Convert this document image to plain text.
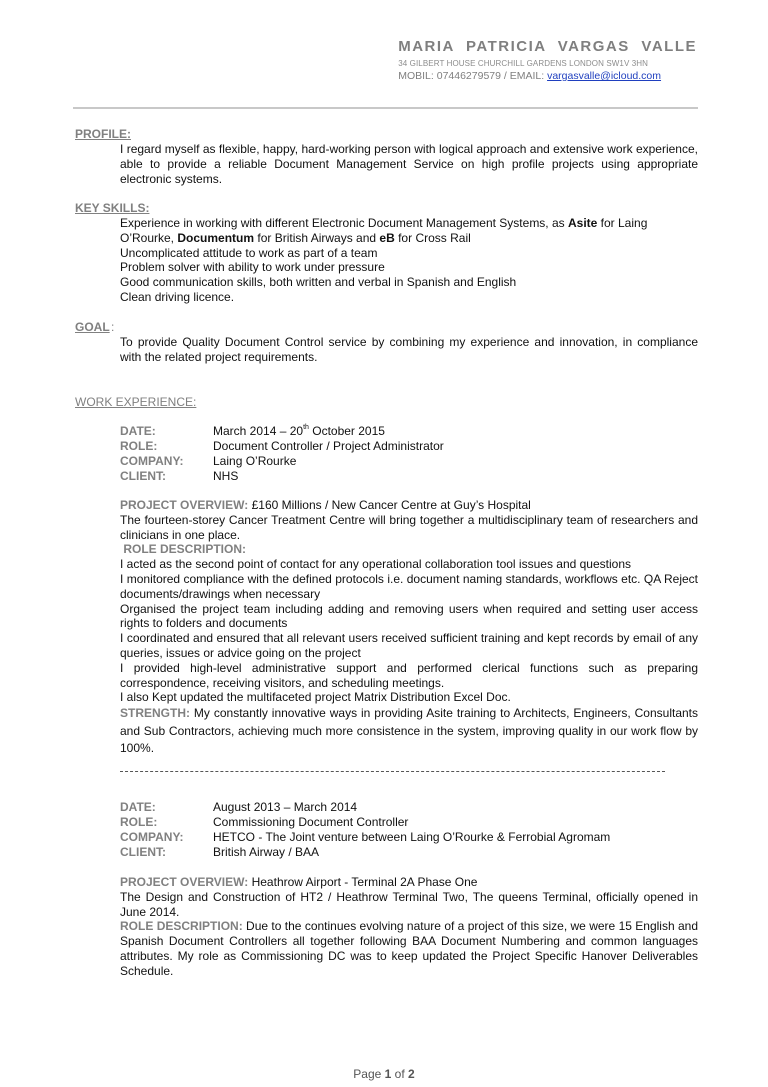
MARIA PATRICIA VARGAS VALLE
34 GILBERT HOUSE CHURCHILL GARDENS LONDON SW1V 3HN
MOBIL: 07446279579 / EMAIL: vargasvalle@icloud.com
PROFILE:
I regard myself as flexible, happy, hard-working person with logical approach and extensive work experience, able to provide a reliable Document Management Service on high profile projects using appropriate electronic systems.
KEY SKILLS:
Experience in working with different Electronic Document Management Systems, as Asite for Laing O’Rourke, Documentum for British Airways and eB for Cross Rail
Uncomplicated attitude to work as part of a team
Problem solver with ability to work under pressure
Good communication skills, both written and verbal in Spanish and English
Clean driving licence.
GOAL :
To provide Quality Document Control service by combining my experience and innovation, in compliance with the related project requirements.
WORK EXPERIENCE:
DATE:	March 2014 – 20th October 2015
ROLE:	Document Controller / Project Administrator
COMPANY:	Laing O’Rourke
CLIENT:	NHS
PROJECT OVERVIEW: £160 Millions / New Cancer Centre at Guy’s Hospital
The fourteen-storey Cancer Treatment Centre will bring together a multidisciplinary team of researchers and clinicians in one place.
ROLE DESCRIPTION:
I acted as the second point of contact for any operational collaboration tool issues and questions
I monitored compliance with the defined protocols i.e. document naming standards, workflows etc. QA Reject documents/drawings when necessary
Organised the project team including adding and removing users when required and setting user access rights to folders and documents
I coordinated and ensured that all relevant users received sufficient training and kept records by email of any queries, issues or advice going on the project
I provided high-level administrative support and performed clerical functions such as preparing correspondence, receiving visitors, and scheduling meetings.
I also Kept updated the multifaceted project Matrix Distribution Excel Doc.
STRENGTH: My constantly innovative ways in providing Asite training to Architects, Engineers, Consultants and Sub Contractors, achieving much more consistence in the system, improving quality in our work flow by 100%.
DATE:	August 2013 – March 2014
ROLE:	Commissioning Document Controller
COMPANY:	HETCO - The Joint venture between Laing O’Rourke & Ferrobial Agromam
CLIENT:	British Airway / BAA
PROJECT OVERVIEW: Heathrow Airport - Terminal 2A Phase One
The Design and Construction of HT2 / Heathrow Terminal Two, The queens Terminal, officially opened in June 2014.
ROLE DESCRIPTION: Due to the continues evolving nature of a project of this size, we were 15 English and Spanish Document Controllers all together following BAA Document Numbering and common languages attributes. My role as Commissioning DC was to keep updated the Project Specific Hanover Deliverables Schedule.
Page 1 of 2
